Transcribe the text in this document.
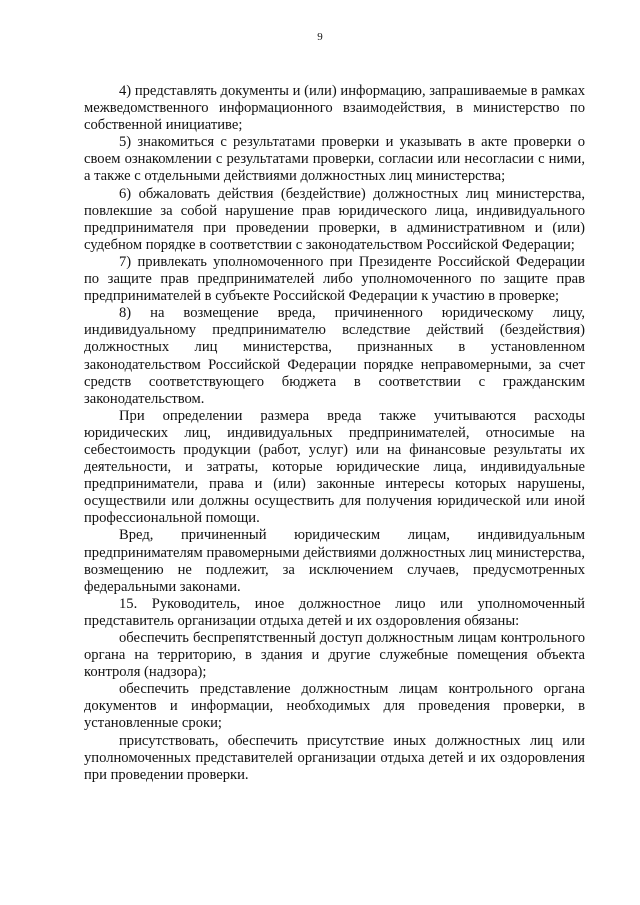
9

4) представлять документы и (или) информацию, запрашиваемые в рамках межведомственного информационного взаимодействия, в министерство по собственной инициативе;

5) знакомиться с результатами проверки и указывать в акте проверки о своем ознакомлении с результатами проверки, согласии или несогласии с ними, а также с отдельными действиями должностных лиц министерства;

6) обжаловать действия (бездействие) должностных лиц министерства, повлекшие за собой нарушение прав юридического лица, индивидуального предпринимателя при проведении проверки, в административном и (или) судебном порядке в соответствии с законодательством Российской Федерации;

7) привлекать уполномоченного при Президенте Российской Федерации по защите прав предпринимателей либо уполномоченного по защите прав предпринимателей в субъекте Российской Федерации к участию в проверке;

8) на возмещение вреда, причиненного юридическому лицу, индивидуальному предпринимателю вследствие действий (бездействия) должностных лиц министерства, признанных в установленном законодательством Российской Федерации порядке неправомерными, за счет средств соответствующего бюджета в соответствии с гражданским законодательством.

При определении размера вреда также учитываются расходы юридических лиц, индивидуальных предпринимателей, относимые на себестоимость продукции (работ, услуг) или на финансовые результаты их деятельности, и затраты, которые юридические лица, индивидуальные предприниматели, права и (или) законные интересы которых нарушены, осуществили или должны осуществить для получения юридической или иной профессиональной помощи.

Вред, причиненный юридическим лицам, индивидуальным предпринимателям правомерными действиями должностных лиц министерства, возмещению не подлежит, за исключением случаев, предусмотренных федеральными законами.

15. Руководитель, иное должностное лицо или уполномоченный представитель организации отдыха детей и их оздоровления обязаны:

обеспечить беспрепятственный доступ должностным лицам контрольного органа на территорию, в здания и другие служебные помещения объекта контроля (надзора);

обеспечить представление должностным лицам контрольного органа документов и информации, необходимых для проведения проверки, в установленные сроки;

присутствовать, обеспечить присутствие иных должностных лиц или уполномоченных представителей организации отдыха детей и их оздоровления при проведении проверки.
